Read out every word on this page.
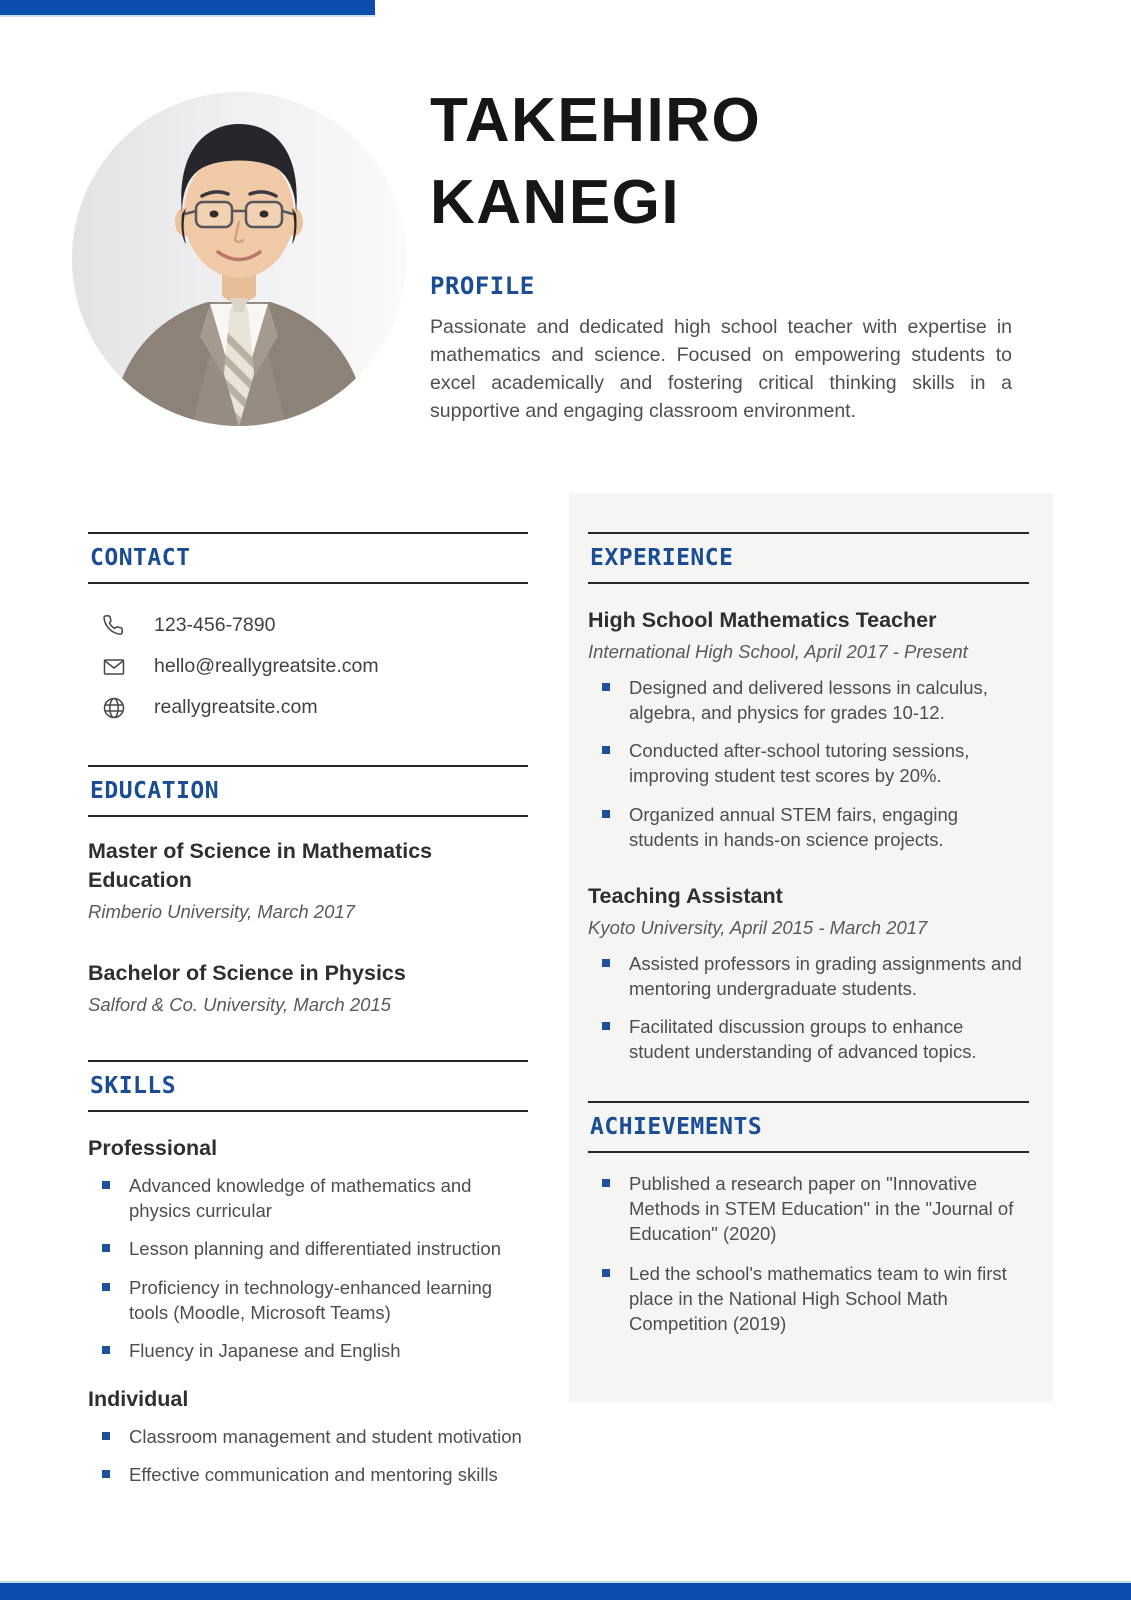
TAKEHIRO
KANEGI
PROFILE

Passionate and dedicated high school teacher with expertise in mathematics and science. Focused on empowering students to excel academically and fostering critical thinking skills in a supportive and engaging classroom environment.

CONTACT
123-456-7890
hello@reallygreatsite.com
reallygreatsite.com
EDUCATION
Master of Science in Mathematics Education

Rimberio University, March 2017

Bachelor of Science in Physics

Salford & Co. University, March 2015

SKILLS
Professional
Advanced knowledge of mathematics and physics curricular
Lesson planning and differentiated instruction
Proficiency in technology-enhanced learning tools (Moodle, Microsoft Teams)
Fluency in Japanese and English
Individual
Classroom management and student motivation
Effective communication and mentoring skills
EXPERIENCE
High School Mathematics Teacher

International High School, April 2017 - Present

Designed and delivered lessons in calculus, algebra, and physics for grades 10-12.
Conducted after-school tutoring sessions, improving student test scores by 20%.
Organized annual STEM fairs, engaging students in hands-on science projects.
Teaching Assistant

Kyoto University, April 2015 - March 2017

Assisted professors in grading assignments and mentoring undergraduate students.
Facilitated discussion groups to enhance student understanding of advanced topics.
ACHIEVEMENTS
Published a research paper on "Innovative Methods in STEM Education" in the "Journal of Education" (2020)
Led the school's mathematics team to win first place in the National High School Math Competition (2019)
